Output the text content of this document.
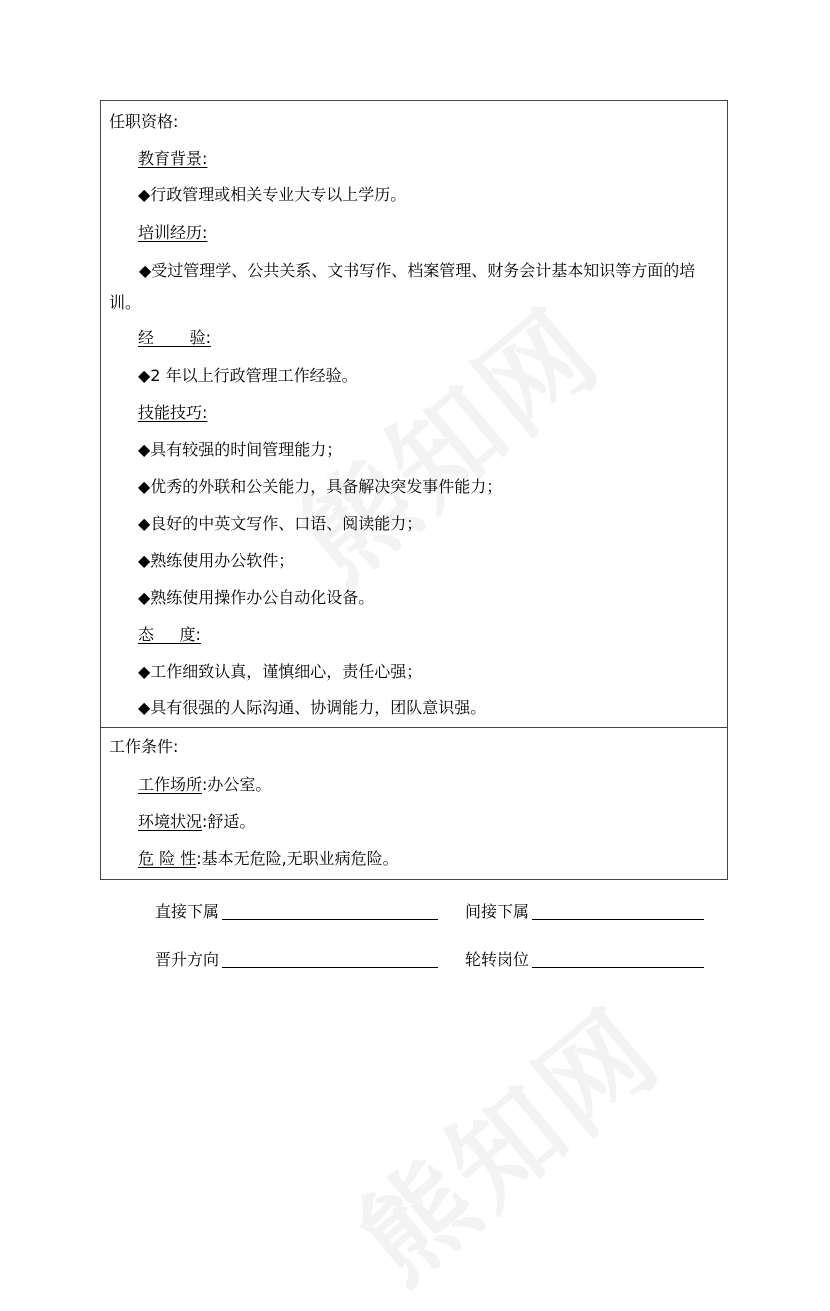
任职资格:
教育背景:
◆行政管理或相关专业大专以上学历。
培训经历:
◆受过管理学、公共关系、文书写作、档案管理、财务会计基本知识等方面的培训。
经 验:
◆2 年以上行政管理工作经验。
技能技巧:
◆具有较强的时间管理能力；
◆优秀的外联和公关能力，具备解决突发事件能力；
◆良好的中英文写作、口语、阅读能力；
◆熟练使用办公软件；
◆熟练使用操作办公自动化设备。
态 度:
◆工作细致认真，谨慎细心，责任心强；
◆具有很强的人际沟通、协调能力，团队意识强。
工作条件:
工作场所:办公室。
环境状况:舒适。
危 险 性:基本无危险,无职业病危险。
直接下属	间接下属
晋升方向	轮转岗位
